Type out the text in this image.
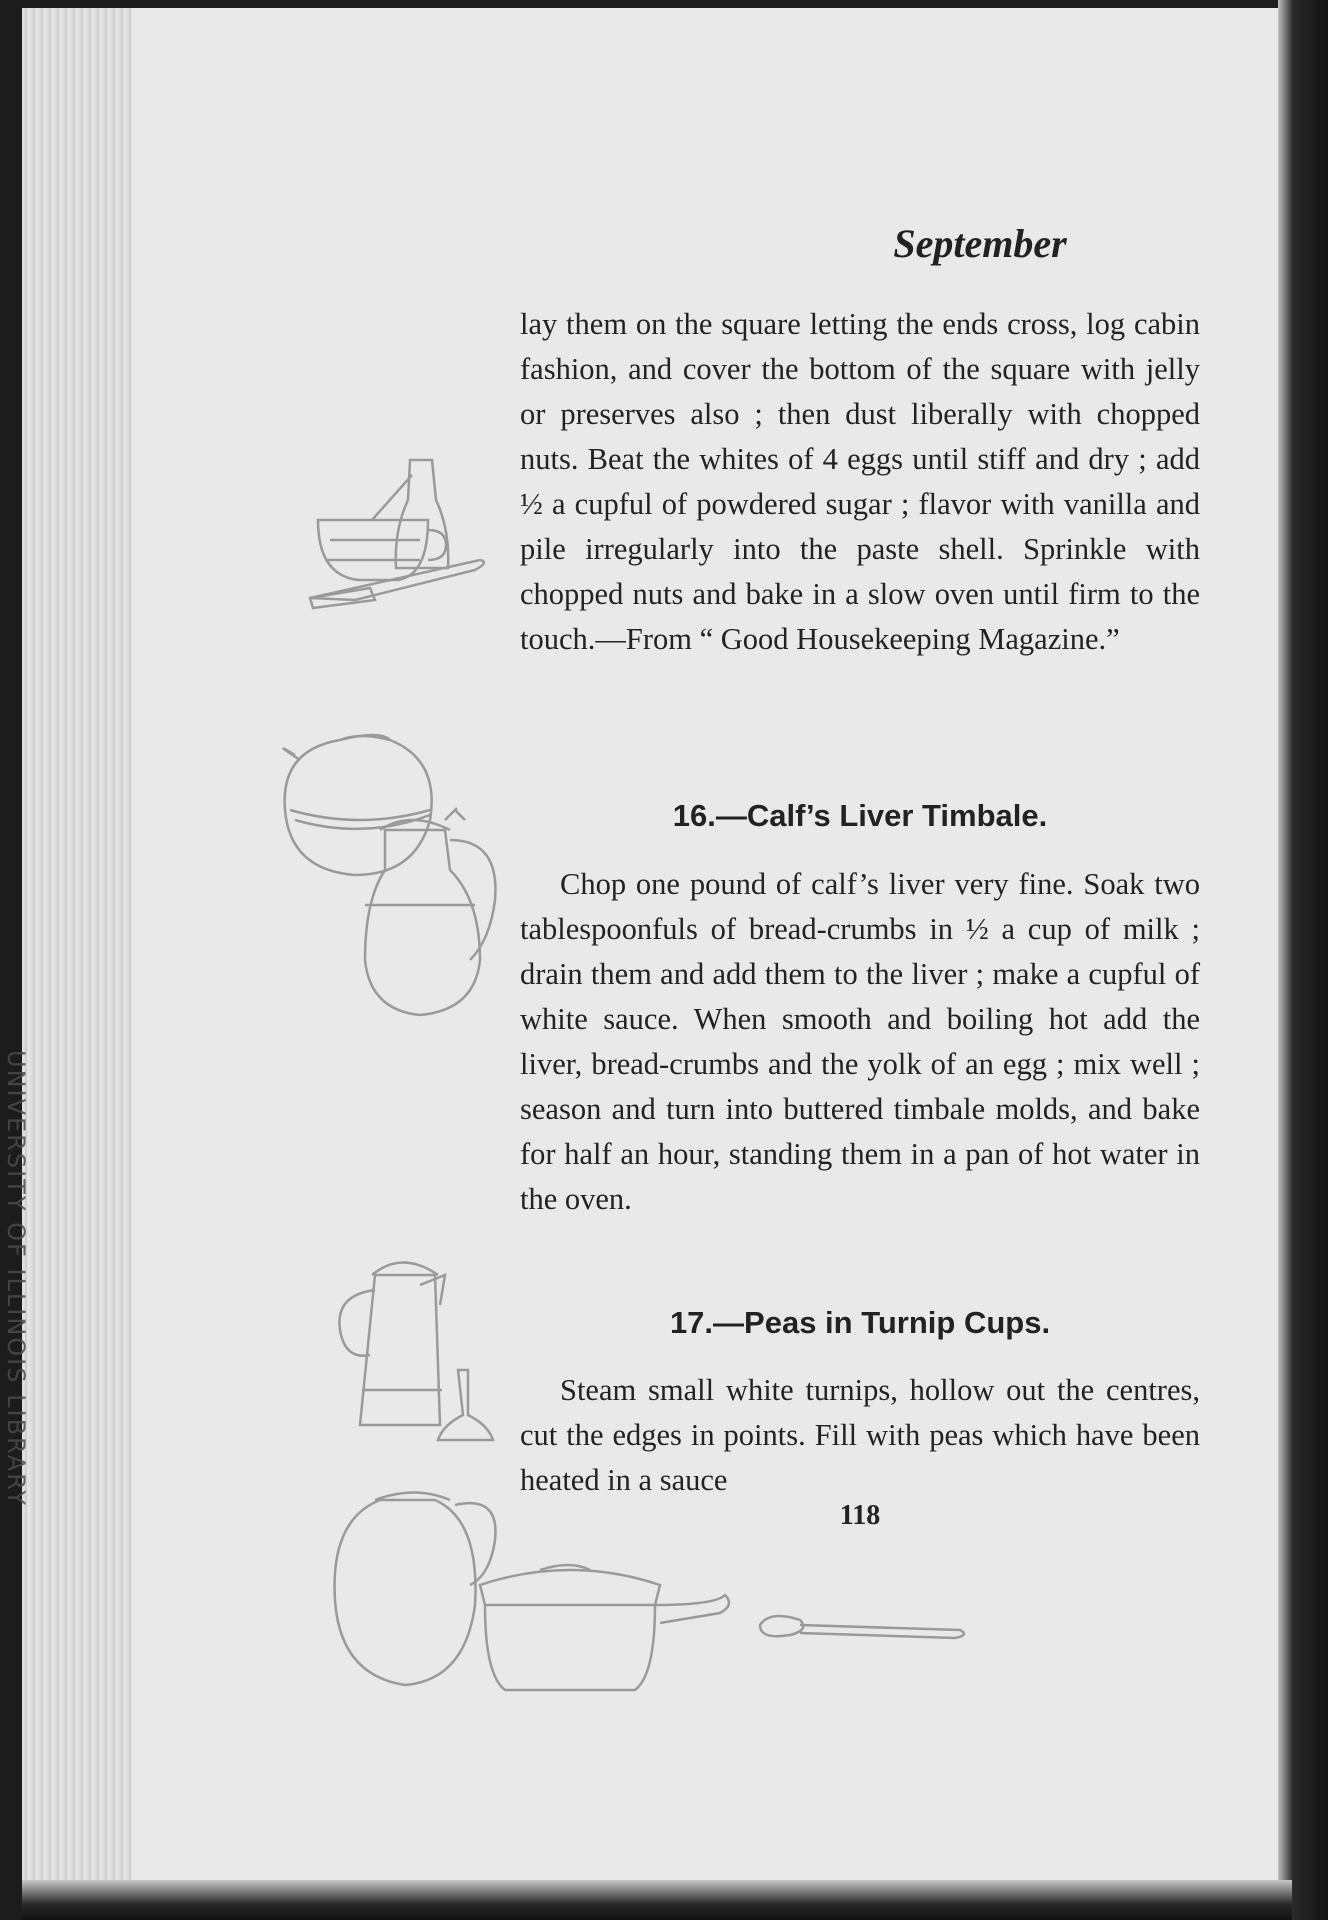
UNIVERSITY OF ILLINOIS LIBRARY
September

lay them on the square letting the ends cross, log cabin fashion, and cover the bottom of the square with jelly or preserves also ; then dust liberally with chopped nuts. Beat the whites of 4 eggs until stiff and dry ; add ½ a cupful of powdered sugar ; flavor with vanilla and pile irregularly into the paste shell. Sprinkle with chopped nuts and bake in a slow oven until firm to the touch.—From “ Good Housekeeping Magazine.”

16.—Calf’s Liver Timbale.

Chop one pound of calf’s liver very fine. Soak two tablespoonfuls of bread-crumbs in ½ a cup of milk ; drain them and add them to the liver ; make a cupful of white sauce. When smooth and boiling hot add the liver, bread-crumbs and the yolk of an egg ; mix well ; season and turn into buttered timbale molds, and bake for half an hour, standing them in a pan of hot water in the oven.

17.—Peas in Turnip Cups.

Steam small white turnips, hollow out the centres, cut the edges in points. Fill with peas which have been heated in a sauce

118
